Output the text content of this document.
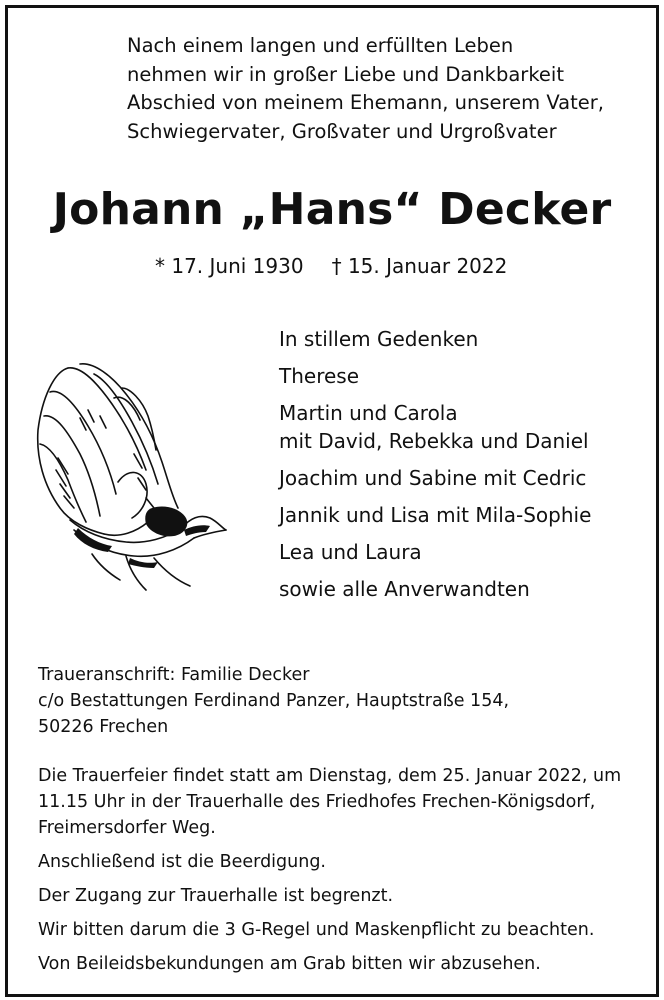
Nach einem langen und erfüllten Leben
nehmen wir in großer Liebe und Dankbarkeit
Abschied von meinem Ehemann, unserem Vater,
Schwiegervater, Großvater und Urgroßvater
Johann „Hans“ Decker
* 17. Juni 1930 † 15. Januar 2022
In stillem Gedenken
Therese
Martin und Carola
mit David, Rebekka und Daniel
Joachim und Sabine mit Cedric
Jannik und Lisa mit Mila-Sophie
Lea und Laura
sowie alle Anverwandten
Traueranschrift: Familie Decker
c/o Bestattungen Ferdinand Panzer, Hauptstraße 154,
50226 Frechen

Die Trauerfeier findet statt am Dienstag, dem 25. Januar 2022, um
11.15 Uhr in der Trauerhalle des Friedhofes Frechen-Königsdorf,
Freimersdorfer Weg.

Anschließend ist die Beerdigung.

Der Zugang zur Trauerhalle ist begrenzt.

Wir bitten darum die 3 G-Regel und Maskenpflicht zu beachten.

Von Beileidsbekundungen am Grab bitten wir abzusehen.
